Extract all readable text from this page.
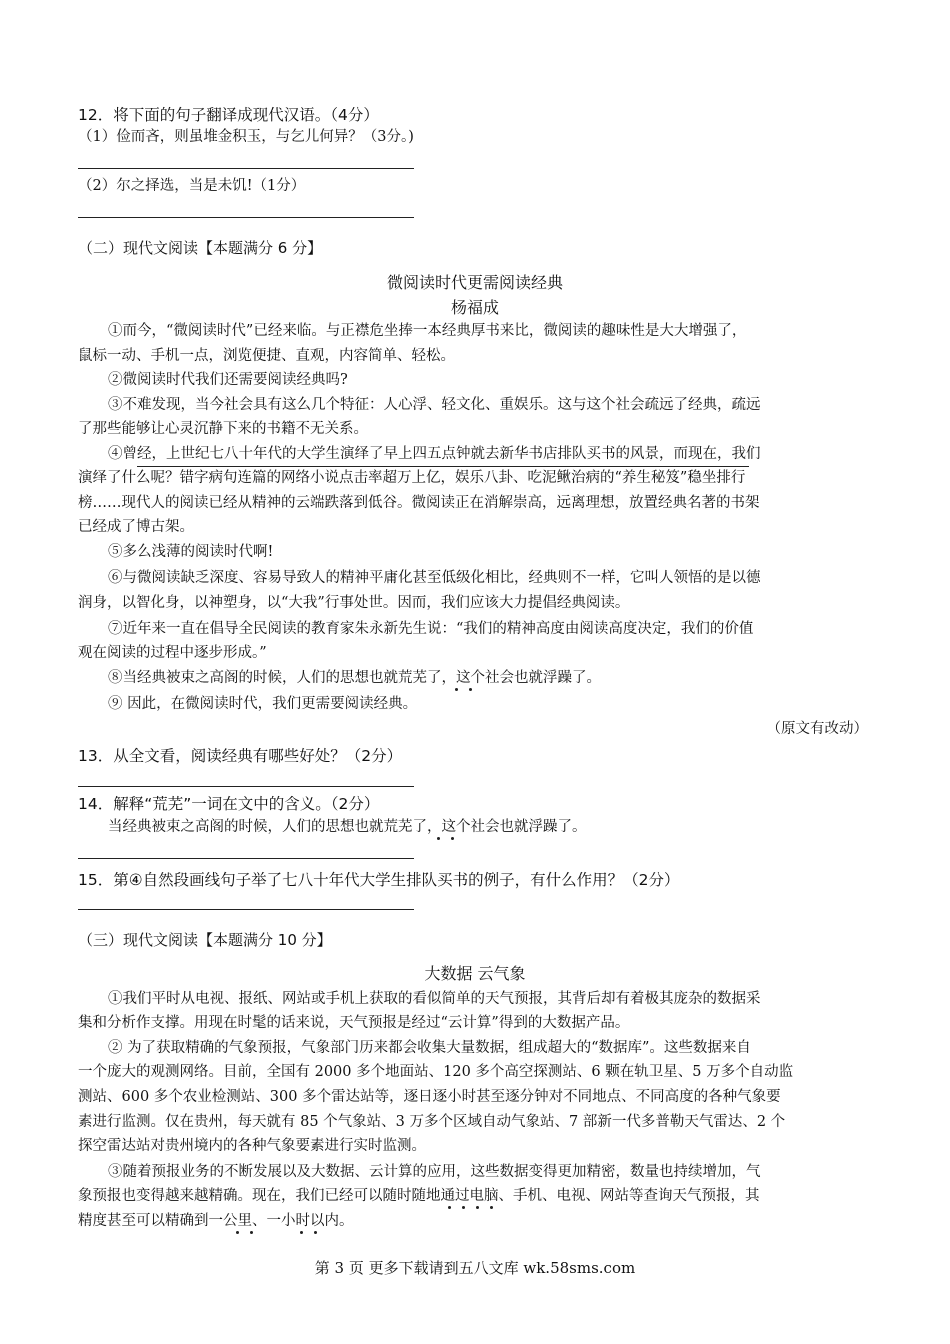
12．将下面的句子翻译成现代汉语。（4分）
（1）俭而吝，则虽堆金积玉，与乞儿何异？（3分。)
（2）尔之择选，当是未饥!（1分）
（二）现代文阅读【本题满分 6 分】
微阅读时代更需阅读经典
杨福成
①而今，“微阅读时代”已经来临。与正襟危坐捧一本经典厚书来比，微阅读的趣味性是大大增强了，
鼠标一动、手机一点，浏览便捷、直观，内容简单、轻松。
②微阅读时代我们还需要阅读经典吗?
③不难发现，当今社会具有这么几个特征：人心浮、轻文化、重娱乐。这与这个社会疏远了经典，疏远
了那些能够让心灵沉静下来的书籍不无关系。
④曾经，上世纪七八十年代的大学生演绎了早上四五点钟就去新华书店排队买书的风景，而现在，我们
演绎了什么呢？错字病句连篇的网络小说点击率超万上亿，娱乐八卦、吃泥鳅治病的“养生秘笈”稳坐排行
榜……现代人的阅读已经从精神的云端跌落到低谷。微阅读正在消解崇高，远离理想，放置经典名著的书架
已经成了博古架。
⑤多么浅薄的阅读时代啊!
⑥与微阅读缺乏深度、容易导致人的精神平庸化甚至低级化相比，经典则不一样，它叫人领悟的是以德
润身，以智化身，以神塑身，以“大我”行事处世。因而，我们应该大力提倡经典阅读。
⑦近年来一直在倡导全民阅读的教育家朱永新先生说：“我们的精神高度由阅读高度决定，我们的价值
观在阅读的过程中逐步形成。”
⑧当经典被束之高阁的时候，人们的思想也就荒芜了，这个社会也就浮躁了。
⑨ 因此，在微阅读时代，我们更需要阅读经典。
（原文有改动）
13．从全文看，阅读经典有哪些好处？（2分）
14．解释“荒芜”一词在文中的含义。（2分）
当经典被束之高阁的时候，人们的思想也就荒芜了，这个社会也就浮躁了。
15．第④自然段画线句子举了七八十年代大学生排队买书的例子，有什么作用？（2分）
（三）现代文阅读【本题满分 10 分】
大数据 云气象
①我们平时从电视、报纸、网站或手机上获取的看似简单的天气预报，其背后却有着极其庞杂的数据采
集和分析作支撑。用现在时髦的话来说，天气预报是经过“云计算”得到的大数据产品。
② 为了获取精确的气象预报，气象部门历来都会收集大量数据，组成超大的“数据库”。这些数据来自
一个庞大的观测网络。目前，全国有 2000 多个地面站、120 多个高空探测站、6 颗在轨卫星、5 万多个自动监
测站、600 多个农业检测站、300 多个雷达站等，逐日逐小时甚至逐分钟对不同地点、不同高度的各种气象要
素进行监测。仅在贵州，每天就有 85 个气象站、3 万多个区域自动气象站、7 部新一代多普勒天气雷达、2 个
探空雷达站对贵州境内的各种气象要素进行实时监测。
③随着预报业务的不断发展以及大数据、云计算的应用，这些数据变得更加精密，数量也持续增加，气
象预报也变得越来越精确。现在，我们已经可以随时随地通过电脑、手机、电视、网站等查询天气预报，其
精度甚至可以精确到一公里、一小时以内。
第 3 页 更多下载请到五八文库 wk.58sms.com
